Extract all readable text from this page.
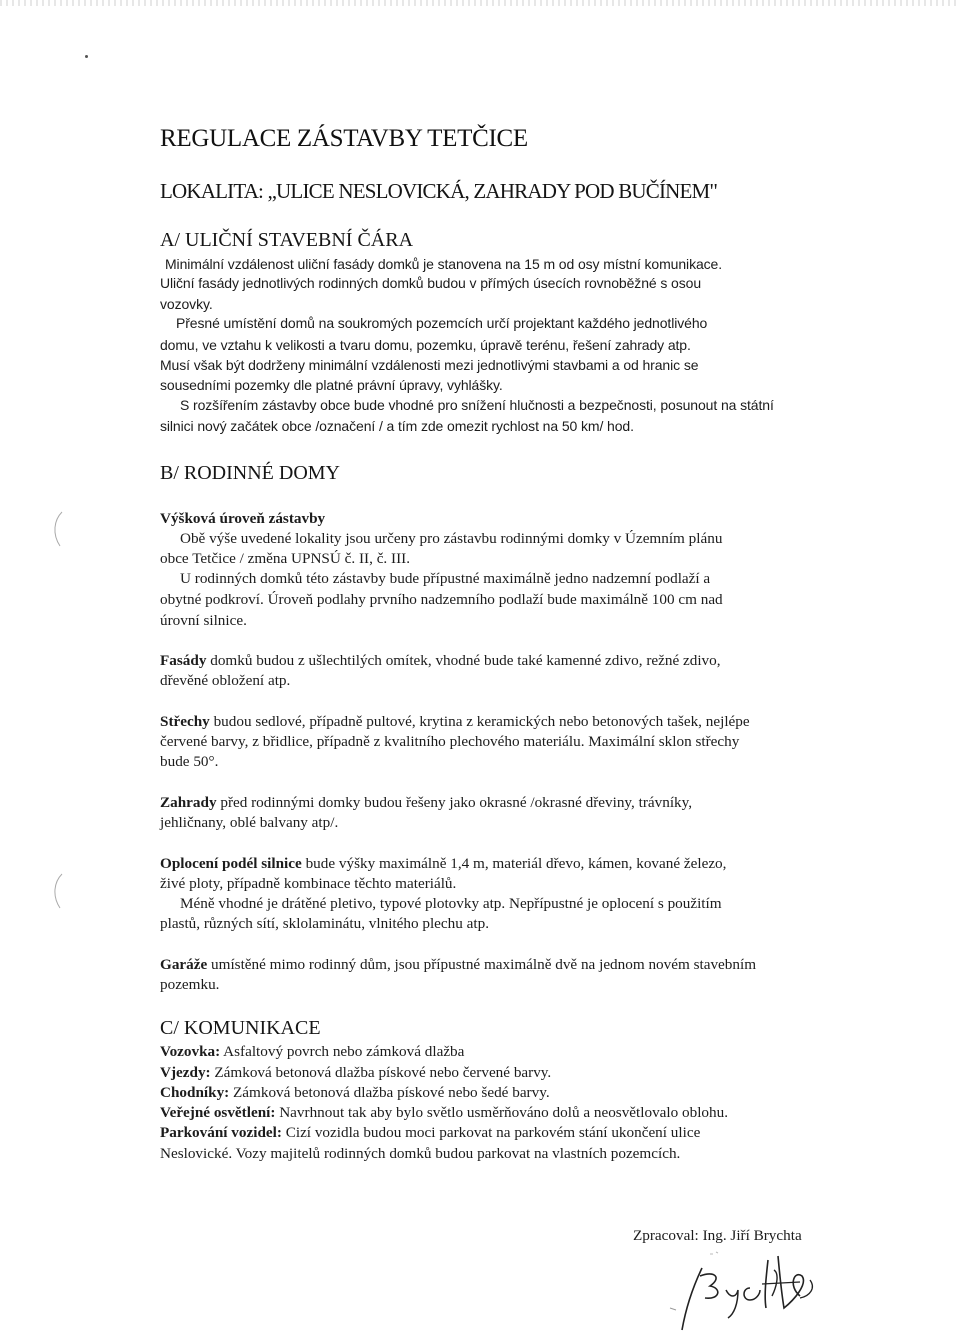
REGULACE ZÁSTAVBY TETČICE
LOKALITA: „ULICE NESLOVICKÁ, ZAHRADY POD BUČÍNEM"
A/ ULIČNÍ STAVEBNÍ ČÁRA
Minimální vzdálenost uliční fasády domků je stanovena na 15 m od osy místní komunikace.
Uliční fasády jednotlivých rodinných domků budou v přímých úsecích rovnoběžné s osou
vozovky.
Přesné umístění domů na soukromých pozemcích určí projektant každého jednotlivého
domu, ve vztahu k velikosti a tvaru domu, pozemku, úpravě terénu, řešení zahrady atp.
Musí však být dodrženy minimální vzdálenosti mezi jednotlivými stavbami a od hranic se
sousedními pozemky dle platné právní úpravy, vyhlášky.
S rozšířením zástavby obce bude vhodné pro snížení hlučnosti a bezpečnosti, posunout na státní
silnici nový začátek obce /označení / a tím zde omezit rychlost na 50 km/ hod.
B/ RODINNÉ DOMY
Výšková úroveň zástavby
Obě výše uvedené lokality jsou určeny pro zástavbu rodinnými domky v Územním plánu
obce Tetčice / změna UPNSÚ č. II, č. III.
U rodinných domků této zástavby bude přípustné maximálně jedno nadzemní podlaží a
obytné podkroví. Úroveň podlahy prvního nadzemního podlaží bude maximálně 100 cm nad
úrovní silnice.
Fasády domků budou z ušlechtilých omítek, vhodné bude také kamenné zdivo, režné zdivo,
dřevěné obložení atp.
Střechy budou sedlové, případně pultové, krytina z keramických nebo betonových tašek, nejlépe
červené barvy, z břidlice, případně z kvalitního plechového materiálu. Maximální sklon střechy
bude 50°.
Zahrady před rodinnými domky budou řešeny jako okrasné /okrasné dřeviny, trávníky,
jehličnany, oblé balvany atp/.
Oplocení podél silnice bude výšky maximálně 1,4 m, materiál dřevo, kámen, kované železo,
živé ploty, případně kombinace těchto materiálů.
Méně vhodné je drátěné pletivo, typové plotovky atp. Nepřípustné je oplocení s použitím
plastů, různých sítí, sklolaminátu, vlnitého plechu atp.
Garáže umístěné mimo rodinný dům, jsou přípustné maximálně dvě na jednom novém stavebním
pozemku.
C/ KOMUNIKACE
Vozovka: Asfaltový povrch nebo zámková dlažba
Vjezdy: Zámková betonová dlažba pískové nebo červené barvy.
Chodníky: Zámková betonová dlažba pískové nebo šedé barvy.
Veřejné osvětlení: Navrhnout tak aby bylo světlo usměrňováno dolů a neosvětlovalo oblohu.
Parkování vozidel: Cizí vozidla budou moci parkovat na parkovém stání ukončení ulice
Neslovické. Vozy majitelů rodinných domků budou parkovat na vlastních pozemcích.
Zpracoval: Ing. Jiří Brychta
